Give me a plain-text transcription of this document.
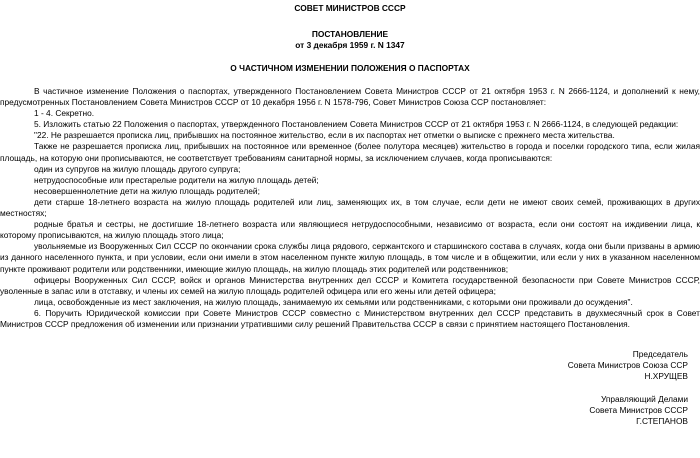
СОВЕТ МИНИСТРОВ СССР
ПОСТАНОВЛЕНИЕ
от 3 декабря 1959 г. N 1347
О ЧАСТИЧНОМ ИЗМЕНЕНИИ ПОЛОЖЕНИЯ О ПАСПОРТАХ

В частичное изменение Положения о паспортах, утвержденного Постановлением Совета Министров СССР от 21 октября 1953 г. N 2666-1124, и дополнений к нему, предусмотренных Постановлением Совета Министров СССР от 10 декабря 1956 г. N 1578-796, Совет Министров Союза ССР постановляет:

1 - 4. Секретно.

5. Изложить статью 22 Положения о паспортах, утвержденного Постановлением Совета Министров СССР от 21 октября 1953 г. N 2666-1124, в следующей редакции:

"22. Не разрешается прописка лиц, прибывших на постоянное жительство, если в их паспортах нет отметки о выписке с прежнего места жительства.

Также не разрешается прописка лиц, прибывших на постоянное или временное (более полутора месяцев) жительство в города и поселки городского типа, если жилая площадь, на которую они прописываются, не соответствует требованиям санитарной нормы, за исключением случаев, когда прописываются:

один из супругов на жилую площадь другого супруга;

нетрудоспособные или престарелые родители на жилую площадь детей;

несовершеннолетние дети на жилую площадь родителей;

дети старше 18-летнего возраста на жилую площадь родителей или лиц, заменяющих их, в том случае, если дети не имеют своих семей, проживающих в других местностях;

родные братья и сестры, не достигшие 18-летнего возраста или являющиеся нетрудоспособными, независимо от возраста, если они состоят на иждивении лица, к которому прописываются, на жилую площадь этого лица;

увольняемые из Вооруженных Сил СССР по окончании срока службы лица рядового, сержантского и старшинского состава в случаях, когда они были призваны в армию из данного населенного пункта, и при условии, если они имели в этом населенном пункте жилую площадь, в том числе и в общежитии, или если у них в указанном населенном пункте проживают родители или родственники, имеющие жилую площадь, на жилую площадь этих родителей или родственников;

офицеры Вооруженных Сил СССР, войск и органов Министерства внутренних дел СССР и Комитета государственной безопасности при Совете Министров СССР, уволенные в запас или в отставку, и члены их семей на жилую площадь родителей офицера или его жены или детей офицера;

лица, освобожденные из мест заключения, на жилую площадь, занимаемую их семьями или родственниками, с которыми они проживали до осуждения".

6. Поручить Юридической комиссии при Совете Министров СССР совместно с Министерством внутренних дел СССР представить в двухмесячный срок в Совет Министров СССР предложения об изменении или признании утратившими силу решений Правительства СССР в связи с принятием настоящего Постановления.

Председатель
Совета Министров Союза ССР
Н.ХРУЩЕВ
Управляющий Делами
Совета Министров СССР
Г.СТЕПАНОВ
